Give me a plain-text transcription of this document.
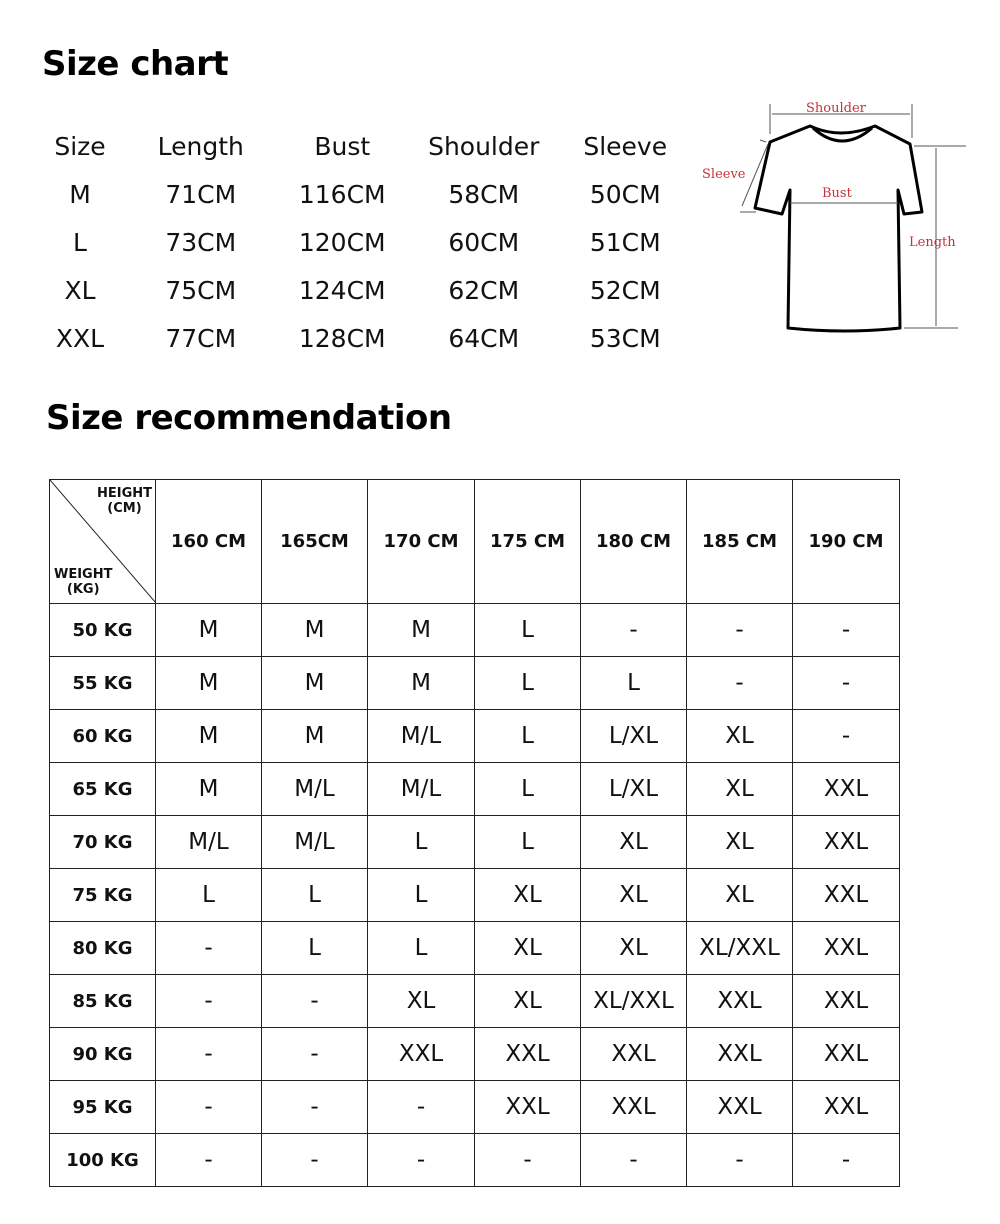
Size chart
Size	Length	Bust	Shoulder	Sleeve
M	71CM	116CM	58CM	50CM
L	73CM	120CM	60CM	51CM
XL	75CM	124CM	62CM	52CM
XXL	77CM	128CM	64CM	53CM
Shoulder
Sleeve
Bust
Length
Size recommendation
HEIGHT
(CM)
WEIGHT
(KG)	160 CM	165CM	170 CM	175 CM	180 CM	185 CM	190 CM
50 KG	M	M	M	L	-	-	-
55 KG	M	M	M	L	L	-	-
60 KG	M	M	M/L	L	L/XL	XL	-
65 KG	M	M/L	M/L	L	L/XL	XL	XXL
70 KG	M/L	M/L	L	L	XL	XL	XXL
75 KG	L	L	L	XL	XL	XL	XXL
80 KG	-	L	L	XL	XL	XL/XXL	XXL
85 KG	-	-	XL	XL	XL/XXL	XXL	XXL
90 KG	-	-	XXL	XXL	XXL	XXL	XXL
95 KG	-	-	-	XXL	XXL	XXL	XXL
100 KG	-	-	-	-	-	-	-
